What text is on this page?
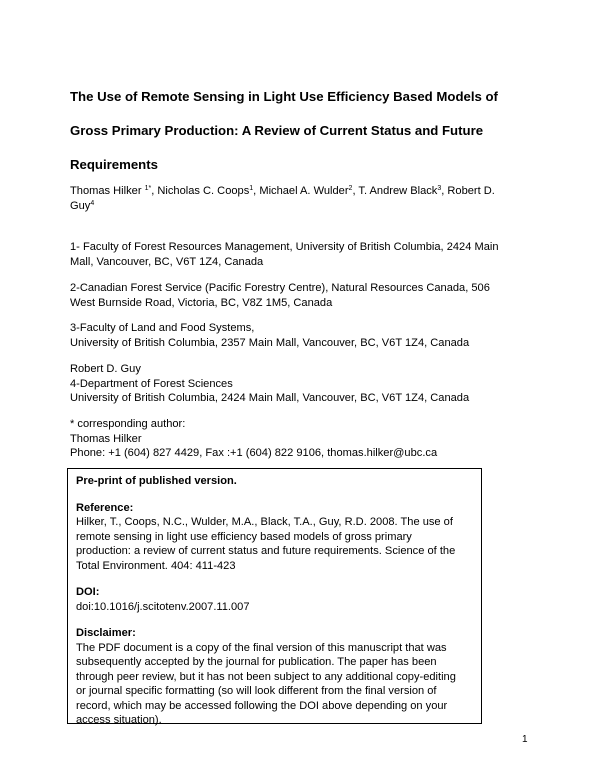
The Use of Remote Sensing in Light Use Efficiency Based Models of
Gross Primary Production: A Review of Current Status and Future
Requirements
Thomas Hilker $^{1*}$, Nicholas C. Coops$^1$, Michael A. Wulder$^2$, T. Andrew Black$^3$, Robert D.
Guy$^4$
1- Faculty of Forest Resources Management, University of British Columbia, 2424 Main
Mall, Vancouver, BC, V6T 1Z4, Canada
2-Canadian Forest Service (Pacific Forestry Centre), Natural Resources Canada, 506
West Burnside Road, Victoria, BC, V8Z 1M5, Canada
3-Faculty of Land and Food Systems,
University of British Columbia, 2357 Main Mall, Vancouver, BC, V6T 1Z4, Canada
Robert D. Guy
4-Department of Forest Sciences
University of British Columbia, 2424 Main Mall, Vancouver, BC, V6T 1Z4, Canada
* corresponding author:
Thomas Hilker
Phone: +1 (604) 827 4429, Fax :+1 (604) 822 9106, thomas.hilker@ubc.ca
Pre-print of published version.
Reference:
Hilker, T., Coops, N.C., Wulder, M.A., Black, T.A., Guy, R.D. 2008. The use of
remote sensing in light use efficiency based models of gross primary
production: a review of current status and future requirements. Science of the
Total Environment. 404: 411-423
DOI:
doi:10.1016/j.scitotenv.2007.11.007
Disclaimer:
The PDF document is a copy of the final version of this manuscript that was
subsequently accepted by the journal for publication. The paper has been
through peer review, but it has not been subject to any additional copy-editing
or journal specific formatting (so will look different from the final version of
record, which may be accessed following the DOI above depending on your
access situation).
1
